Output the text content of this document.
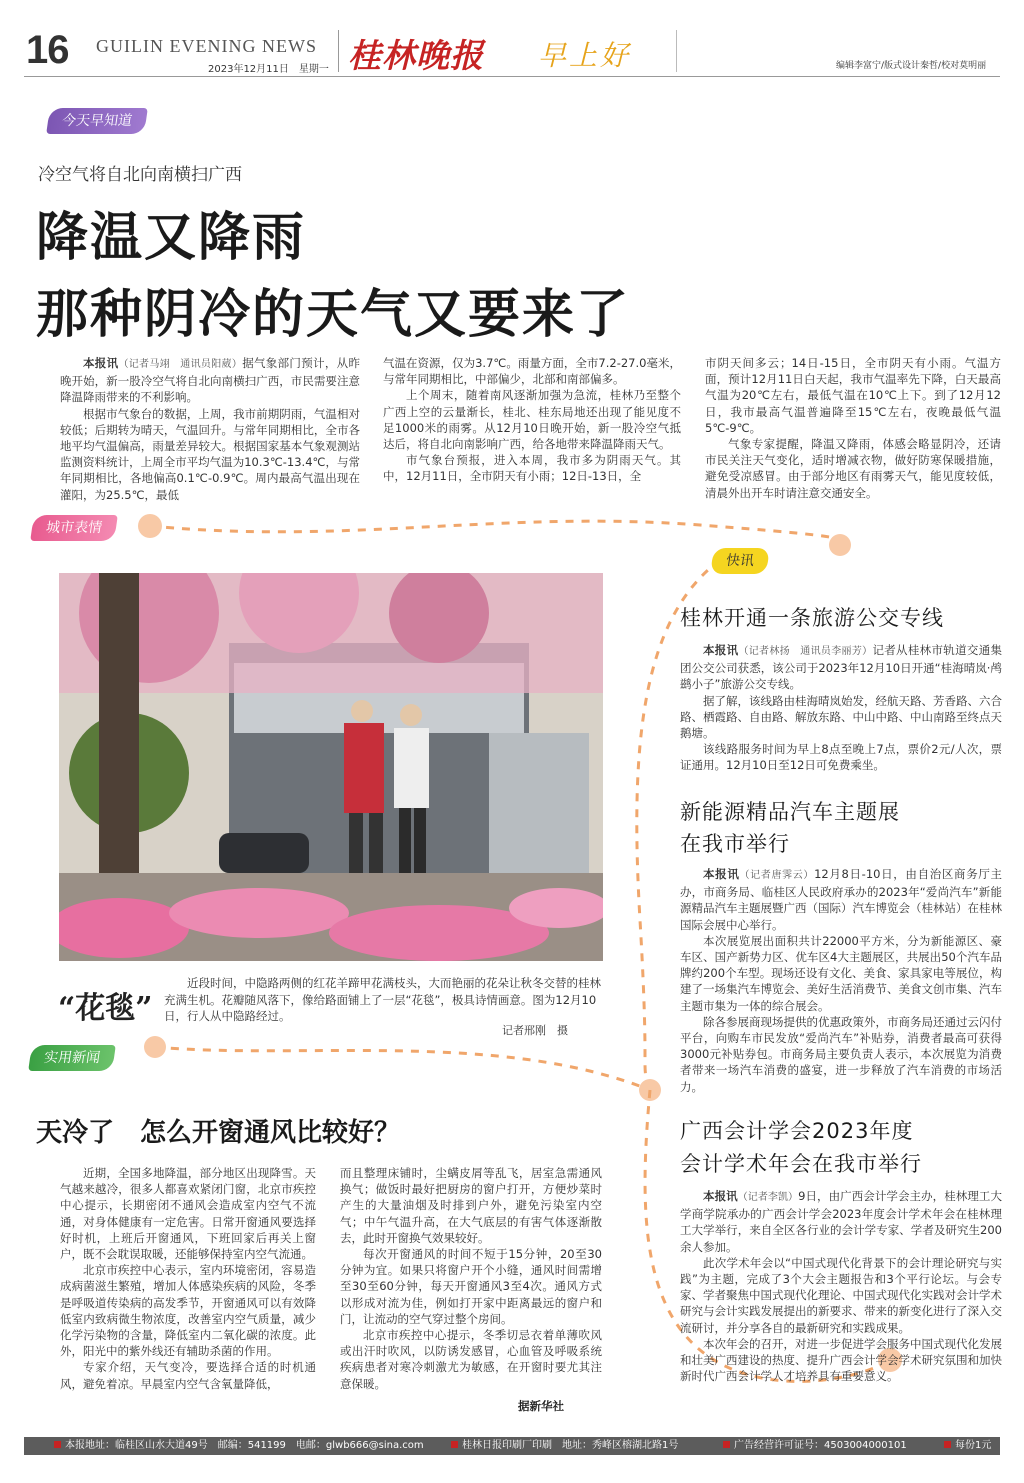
16 GUILIN EVENING NEWS
2023年12月11日　星期一 桂林晚报 早上好	编辑李富宁/版式设计秦哲/校对莫明丽
今天早知道
冷空气将自北向南横扫广西
降温又降雨
那种阴冷的天气又要来了

本报讯（记者马翊　通讯员阳葳）据气象部门预计，从昨晚开始，新一股冷空气将自北向南横扫广西，市民需要注意降温降雨带来的不利影响。

根据市气象台的数据，上周，我市前期阴雨，气温相对较低；后期转为晴天，气温回升。与常年同期相比，全市各地平均气温偏高，雨量差异较大。根据国家基本气象观测站监测资料统计，上周全市平均气温为10.3℃-13.4℃，与常年同期相比，各地偏高0.1℃-0.9℃。周内最高气温出现在灌阳，为25.5℃，最低

气温在资源，仅为3.7℃。雨量方面，全市7.2-27.0毫米，与常年同期相比，中部偏少，北部和南部偏多。

上个周末，随着南风逐渐加强为急流，桂林乃至整个广西上空的云量渐长，桂北、桂东局地还出现了能见度不足1000米的雨雾。从12月10日晚开始，新一股冷空气抵达后，将自北向南影响广西，给各地带来降温降雨天气。

市气象台预报，进入本周，我市多为阴雨天气。其中，12月11日，全市阴天有小雨；12日-13日，全

市阴天间多云；14日-15日，全市阴天有小雨。气温方面，预计12月11日白天起，我市气温率先下降，白天最高气温为20℃左右，最低气温在10℃上下。到了12月12日，我市最高气温普遍降至15℃左右，夜晚最低气温5℃-9℃。

气象专家提醒，降温又降雨，体感会略显阴冷，还请市民关注天气变化，适时增减衣物，做好防寒保暖措施，避免受凉感冒。由于部分地区有雨雾天气，能见度较低，清晨外出开车时请注意交通安全。

城市表情
“花毯”
近段时间，中隐路两侧的红花羊蹄甲花满枝头，大而艳丽的花朵让秋冬交替的桂林充满生机。花瓣随风落下，像给路面铺上了一层“花毯”，极具诗情画意。图为12月10日，行人从中隐路经过。
记者邢刚　摄
实用新闻
天冷了　怎么开窗通风比较好？

近期，全国多地降温，部分地区出现降雪。天气越来越冷，很多人都喜欢紧闭门窗，北京市疾控中心提示，长期密闭不通风会造成室内空气不流通，对身体健康有一定危害。日常开窗通风要选择好时机，上班后开窗通风，下班回家后再关上窗户，既不会耽误取暖，还能够保持室内空气流通。

北京市疾控中心表示，室内环境密闭，容易造成病菌滋生繁殖，增加人体感染疾病的风险，冬季是呼吸道传染病的高发季节，开窗通风可以有效降低室内致病微生物浓度，改善室内空气质量，减少化学污染物的含量，降低室内二氧化碳的浓度。此外，阳光中的紫外线还有辅助杀菌的作用。

专家介绍，天气变冷，要选择合适的时机通风，避免着凉。早晨室内空气含氧量降低，

而且整理床铺时，尘螨皮屑等乱飞，居室急需通风换气；做饭时最好把厨房的窗户打开，方便炒菜时产生的大量油烟及时排到户外，避免污染室内空气；中午气温升高，在大气底层的有害气体逐渐散去，此时开窗换气效果较好。

每次开窗通风的时间不短于15分钟，20至30分钟为宜。如果只将窗户开个小缝，通风时间需增至30至60分钟，每天开窗通风3至4次。通风方式以形成对流为佳，例如打开家中距离最远的窗户和门，让流动的空气穿过整个房间。

北京市疾控中心提示，冬季切忌衣着单薄吹风或出汗时吹风，以防诱发感冒，心血管及呼吸系统疾病患者对寒冷刺激尤为敏感，在开窗时要尤其注意保暖。

据新华社
快讯
桂林开通一条旅游公交专线

本报讯（记者林扬　通讯员李丽芳）记者从桂林市轨道交通集团公交公司获悉，该公司于2023年12月10日开通“桂海晴岚·鸬鹚小子”旅游公交专线。

据了解，该线路由桂海晴岚始发，经航天路、芳香路、六合路、栖霞路、自由路、解放东路、中山中路、中山南路至终点天鹅塘。

该线路服务时间为早上8点至晚上7点，票价2元/人次，票证通用。12月10日至12日可免费乘坐。

新能源精品汽车主题展
在我市举行

本报讯（记者唐霁云）12月8日-10日，由自治区商务厅主办，市商务局、临桂区人民政府承办的2023年“爱尚汽车”新能源精品汽车主题展暨广西（国际）汽车博览会（桂林站）在桂林国际会展中心举行。

本次展览展出面积共计22000平方米，分为新能源区、豪车区、国产新势力区、优车区4大主题展区，共展出50个汽车品牌约200个车型。现场还设有文化、美食、家具家电等展位，构建了一场集汽车博览会、美好生活消费节、美食文创市集、汽车主题市集为一体的综合展会。

除各参展商现场提供的优惠政策外，市商务局还通过云闪付平台，向购车市民发放“爱尚汽车”补贴券，消费者最高可获得3000元补贴券包。市商务局主要负责人表示，本次展览为消费者带来一场汽车消费的盛宴，进一步释放了汽车消费的市场活力。

广西会计学会2023年度
会计学术年会在我市举行

本报讯（记者李凯）9日，由广西会计学会主办，桂林理工大学商学院承办的广西会计学会2023年度会计学术年会在桂林理工大学举行，来自全区各行业的会计学专家、学者及研究生200余人参加。

此次学术年会以“中国式现代化背景下的会计理论研究与实践”为主题，完成了3个大会主题报告和3个平行论坛。与会专家、学者聚焦中国式现代化理论、中国式现代化实践对会计学术研究与会计实践发展提出的新要求、带来的新变化进行了深入交流研讨，并分享各自的最新研究和实践成果。

本次年会的召开，对进一步促进学会服务中国式现代化发展和壮美广西建设的热度、提升广西会计学会学术研究氛围和加快新时代广西会计学人才培养具有重要意义。

本报地址：临桂区山水大道49号　邮编：541199　电邮：glwb666@sina.com	桂林日报印刷厂印刷　地址：秀峰区榕湖北路1号	广告经营许可证号：4503004000101	每份1元
